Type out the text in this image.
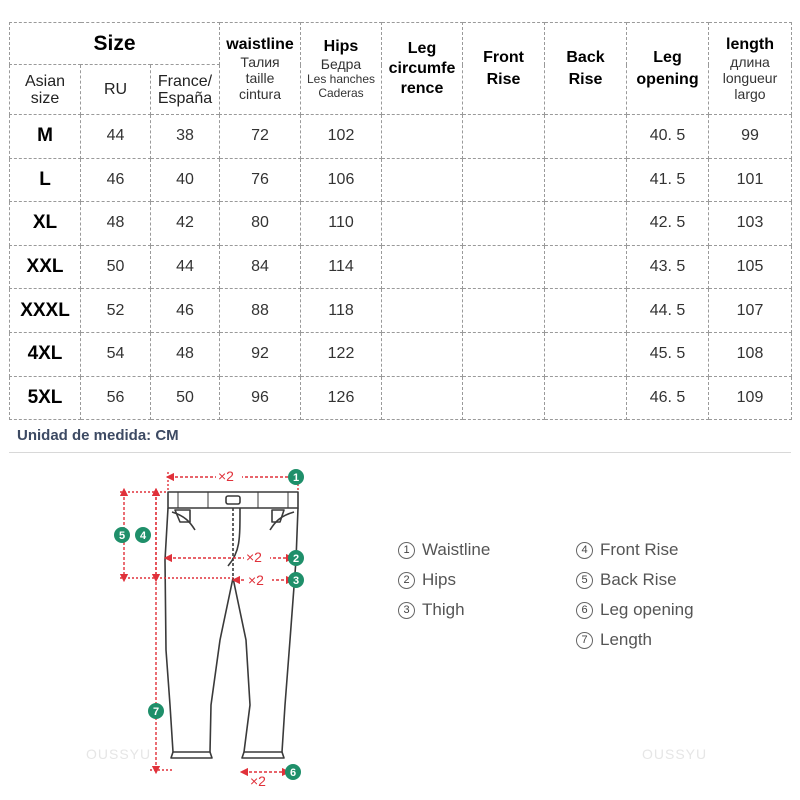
Size			waistline
Талия
taille
cintura	Hips
Бедра
Les hanches
Caderas	Leg circumfe rence	Front Rise	Back Rise	Leg opening	length
длина
longueur
largo

Asian size	RU	France/ España							

M	44	38	72	102				40. 5	99
L	46	40	76	106				41. 5	101
XL	48	42	80	110				42. 5	103
XXL	50	44	84	114				43. 5	105
XXXL	52	46	88	118				44. 5	107
4XL	54	48	92	122				45. 5	108
5XL	56	50	96	126				46. 5	109
Unidad de medida: CM
×2
×2
×2
×2
1
2
3
4
5
6
7
1 Waistline
2 Hips
3 Thigh
4 Front Rise
5 Back Rise
6 Leg opening
7 Length
OUSSYU	OUSSYU
